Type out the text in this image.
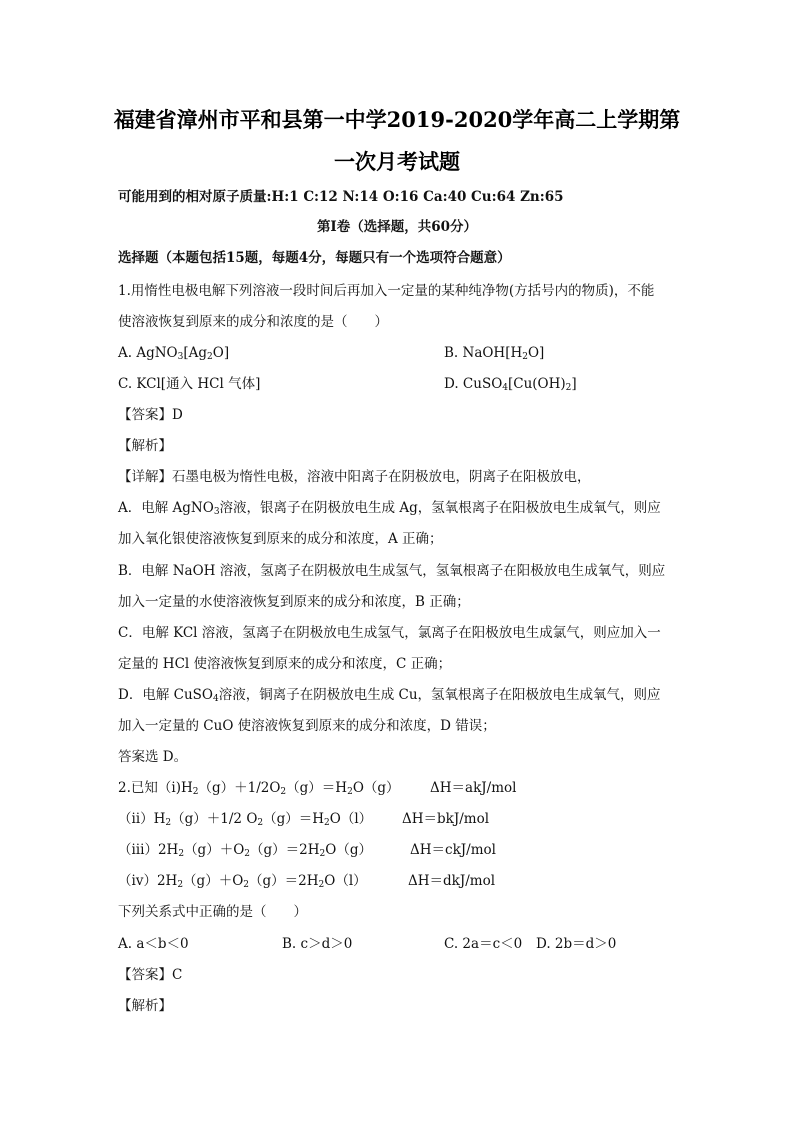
福建省漳州市平和县第一中学2019-2020学年高二上学期第
一次月考试题
可能用到的相对原子质量:H:1 C:12 N:14 O:16 Ca:40 Cu:64 Zn:65
第Ⅰ卷（选择题，共60分）
选择题（本题包括15题，每题4分，每题只有一个选项符合题意）
1.用惰性电极电解下列溶液一段时间后再加入一定量的某种纯净物(方括号内的物质)，不能
使溶液恢复到原来的成分和浓度的是（　　）
A. $AgNO_3[Ag_2O]$	B. $NaOH[H_2O]$
C. KCl[通入 HCl 气体]	D. $CuSO_4[Cu(OH)_2]$
【答案】D
【解析】
【详解】石墨电极为惰性电极，溶液中阳离子在阴极放电，阴离子在阳极放电，
A．电解 AgNO$_3$溶液，银离子在阴极放电生成 Ag，氢氧根离子在阳极放电生成氧气，则应
加入氧化银使溶液恢复到原来的成分和浓度，A 正确；
B．电解 NaOH 溶液，氢离子在阴极放电生成氢气，氢氧根离子在阳极放电生成氧气，则应
加入一定量的水使溶液恢复到原来的成分和浓度，B 正确；
C．电解 KCl 溶液，氢离子在阴极放电生成氢气，氯离子在阳极放电生成氯气，则应加入一
定量的 HCl 使溶液恢复到原来的成分和浓度，C 正确；
D．电解 CuSO$_4$溶液，铜离子在阴极放电生成 Cu，氢氧根离子在阳极放电生成氧气，则应
加入一定量的 CuO 使溶液恢复到原来的成分和浓度，D 错误；
答案选 D。
2.已知$(ⅰ)H_2(g)+1/2O_2(g)=H_2O(g)$ ΔH＝akJ/mol
$(ⅱ)H_2(g)+1/2$ $O_2(g)=H_2O(l)$ ΔH＝bkJ/mol
$(ⅲ)2H_2(g)+O_2(g)=2H_2O(g)$	ΔH＝ckJ/mol
$(ⅳ)2H_2(g)+O_2(g)=2H_2O(l)$	ΔH＝dkJ/mol
下列关系式中正确的是（　　）
A. a＜b＜0	B. c＞d＞0	C. 2a＝c＜0 D. 2b＝d＞0
【答案】C
【解析】
